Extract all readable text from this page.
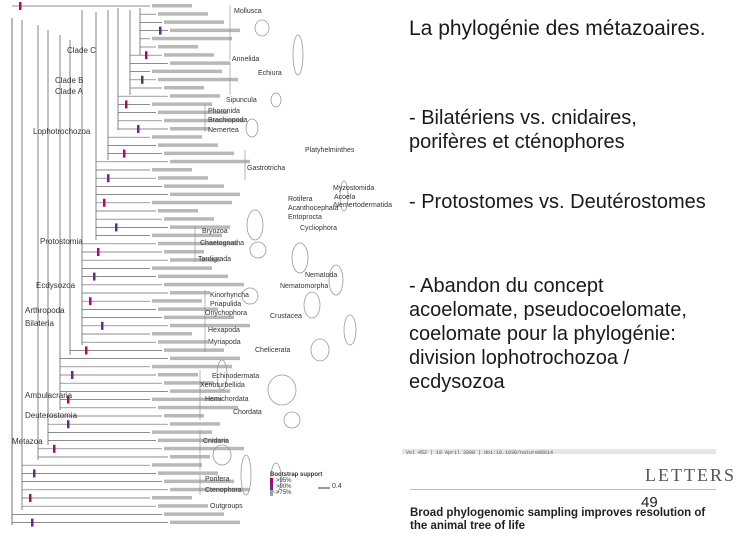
Clade C
Clade B
Clade A
Lophotrochozoa
Protostomia
Ecdysozoa
Arthropoda
Bilateria
Ambulacraria
Deuterostomia
Metazoa
Mollusca
Annelida
Echiura
Sipuncula
Phoronida
Brachiopoda
Nemertea
Platyhelminthes
Gastrotricha
Myzostomida
Rotifera
Acanthocephala
Entoprocta
Cycliophora
Bryozoa
Chaetognatha
Tardigrada
Nematoda
Nematomorpha
Kinorhyncha
Priapulida
Onychophora	Crustacea
Hexapoda
Myriapoda
Chelicerata
Echinodermata
Xenoturbellida
Hemichordata
Chordata
Cnidaria
Porifera
Ctenophora
Outgroups
Acoela
Nemertodermatida
Bootstrap support
>95%
>90%
>75%
0.4
La phylogénie des métazoaires.
- Bilatériens vs. cnidaires, porifères et cténophores
- Protostomes vs. Deutérostomes
- Abandon du concept acoelomate, pseudocoelomate, coelomate pour la phylogénie: division lophotrochozoa / ecdysozoa
Vol 452 | 10 April 2008 | doi:10.1038/nature06614
LETTERS
49
Broad phylogenomic sampling improves resolution of the animal tree of life
